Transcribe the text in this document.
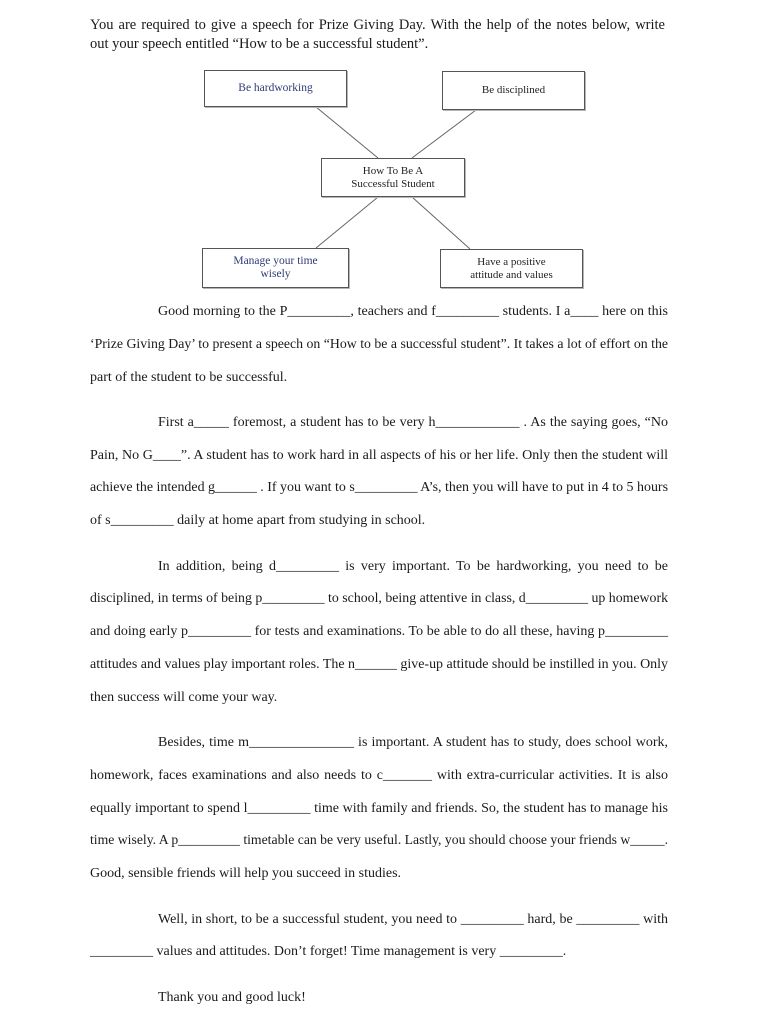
You are required to give a speech for Prize Giving Day. With the help of the notes below, write
out your speech entitled “How to be a successful student”.
Be hardworking	Be disciplined
How To Be A
Successful Student
Manage your time
wisely
Have a positive
attitude and values
Good morning to the P_________, teachers and f_________ students. I a____ here on this
‘Prize Giving Day’ to present a speech on “How to be a successful student”. It takes a lot of effort on the
part of the student to be successful.
First a_____ foremost, a student has to be very h____________ . As the saying goes, “No
Pain, No G____”. A student has to work hard in all aspects of his or her life. Only then the student will
achieve the intended g______ . If you want to s_________ A’s, then you will have to put in 4 to 5 hours
of s_________ daily at home apart from studying in school.
In addition, being d_________ is very important. To be hardworking, you need to be
disciplined, in terms of being p_________ to school, being attentive in class, d_________ up homework
and doing early p_________ for tests and examinations. To be able to do all these, having p_________
attitudes and values play important roles. The n______ give-up attitude should be instilled in you. Only
then success will come your way.
Besides, time m_______________ is important. A student has to study, does school work,
homework, faces examinations and also needs to c_______ with extra-curricular activities. It is also
equally important to spend l_________ time with family and friends. So, the student has to manage his
time wisely. A p_________ timetable can be very useful. Lastly, you should choose your friends w_____.
Good, sensible friends will help you succeed in studies.
Well, in short, to be a successful student, you need to _________ hard, be _________ with
_________ values and attitudes. Don’t forget! Time management is very _________.
Thank you and good luck!
